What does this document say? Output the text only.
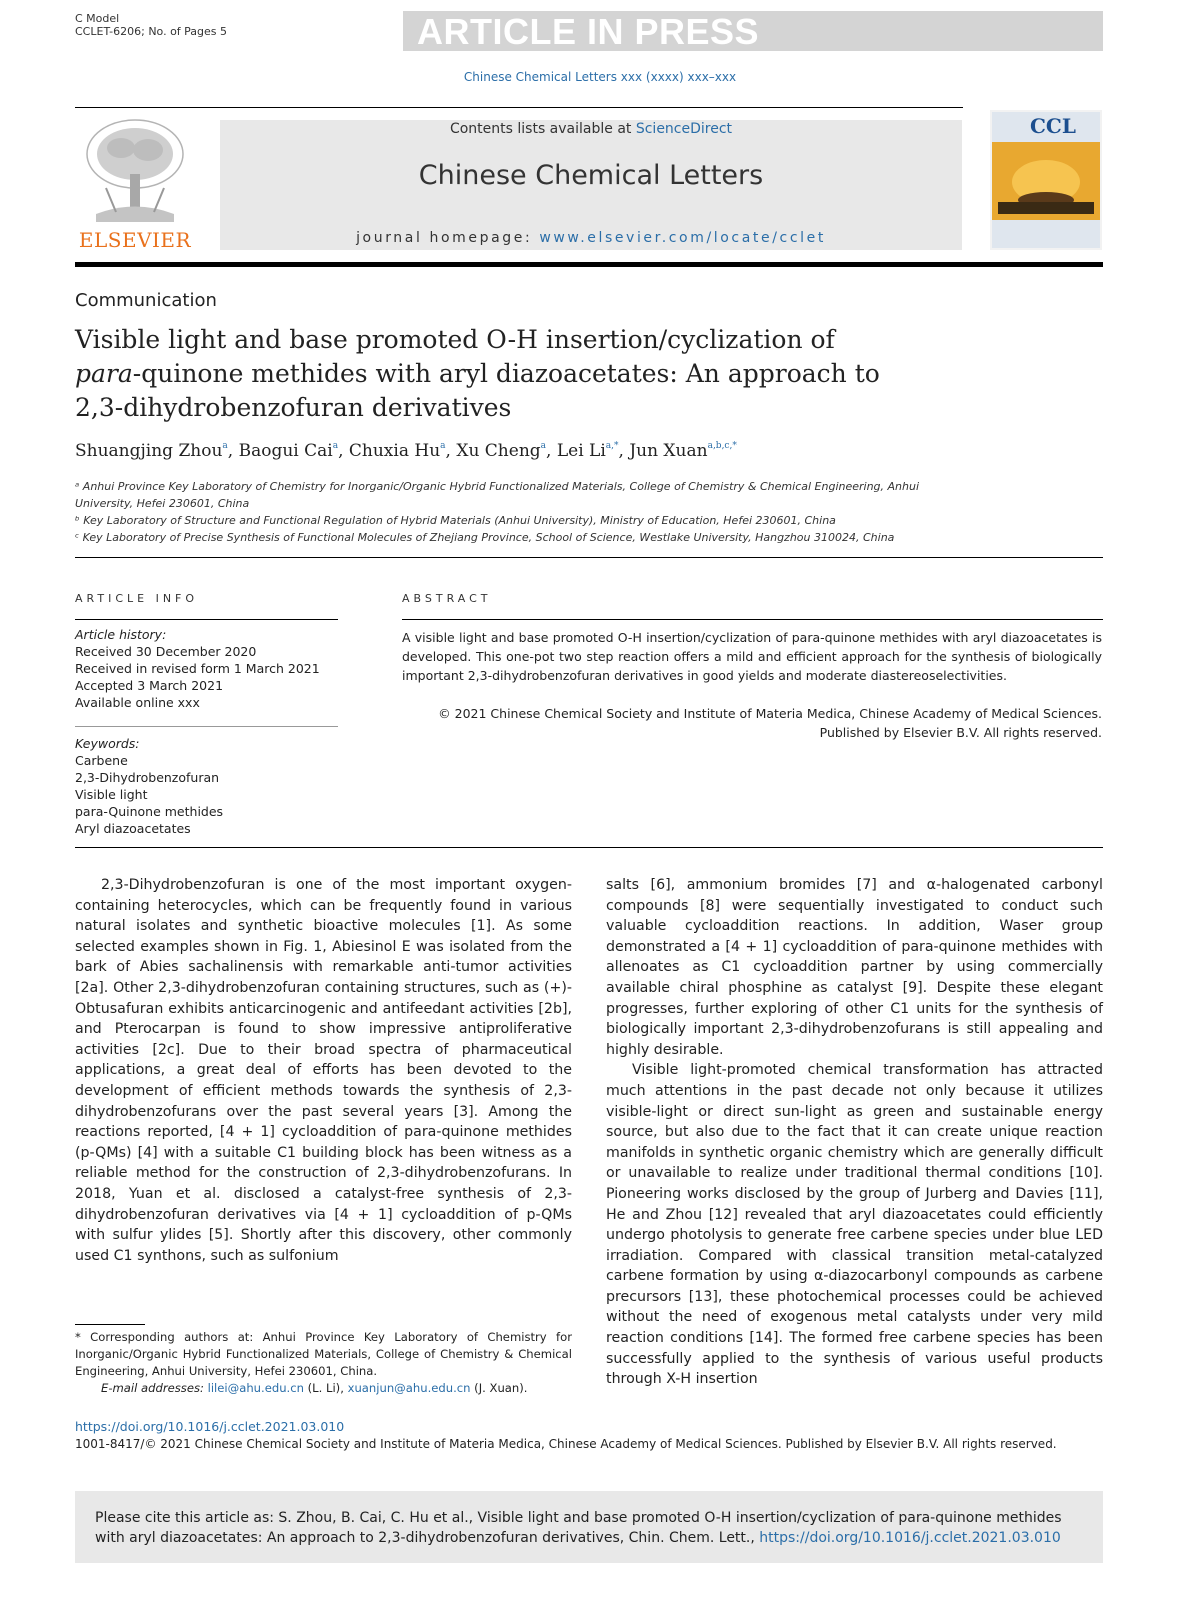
C Model
CCLET-6206; No. of Pages 5	ARTICLE IN PRESS
Chinese Chemical Letters xxx (xxxx) xxx–xxx
ELSEVIER
Contents lists available at ScienceDirect
Chinese Chemical Letters
journal homepage: www.elsevier.com/locate/cclet
CCL
Communication
Visible light and base promoted O-H insertion/cyclization of
para-quinone methides with aryl diazoacetates: An approach to
2,3-dihydrobenzofuran derivatives
Shuangjing Zhou$^a$, Baogui Cai$^a$, Chuxia Hu$^a$, Xu Cheng$^a$, Lei $Li^{a,*}$, Jun Xuan$^{a,b,c,*}$
ᵃ Anhui Province Key Laboratory of Chemistry for Inorganic/Organic Hybrid Functionalized Materials, College of Chemistry & Chemical Engineering, Anhui University, Hefei 230601, China
ᵇ Key Laboratory of Structure and Functional Regulation of Hybrid Materials (Anhui University), Ministry of Education, Hefei 230601, China
ᶜ Key Laboratory of Precise Synthesis of Functional Molecules of Zhejiang Province, School of Science, Westlake University, Hangzhou 310024, China
ARTICLE INFO
Article history:
Received 30 December 2020
Received in revised form 1 March 2021
Accepted 3 March 2021
Available online xxx
Keywords:
Carbene
2,3-Dihydrobenzofuran
Visible light
para-Quinone methides
Aryl diazoacetates
ABSTRACT
A visible light and base promoted O-H insertion/cyclization of para-quinone methides with aryl diazoacetates is developed. This one-pot two step reaction offers a mild and efficient approach for the synthesis of biologically important 2,3-dihydrobenzofuran derivatives in good yields and moderate diastereoselectivities.
© 2021 Chinese Chemical Society and Institute of Materia Medica, Chinese Academy of Medical Sciences.
Published by Elsevier B.V. All rights reserved.

2,3-Dihydrobenzofuran is one of the most important oxygen-containing heterocycles, which can be frequently found in various natural isolates and synthetic bioactive molecules [1]. As some selected examples shown in Fig. 1, Abiesinol E was isolated from the bark of Abies sachalinensis with remarkable anti-tumor activities [2a]. Other 2,3-dihydrobenzofuran containing structures, such as (+)-Obtusafuran exhibits anticarcinogenic and antifeedant activities [2b], and Pterocarpan is found to show impressive antiproliferative activities [2c]. Due to their broad spectra of pharmaceutical applications, a great deal of efforts has been devoted to the development of efficient methods towards the synthesis of 2,3-dihydrobenzofurans over the past several years [3]. Among the reactions reported, [4 + 1] cycloaddition of para-quinone methides (p-QMs) [4] with a suitable C1 building block has been witness as a reliable method for the construction of 2,3-dihydrobenzofurans. In 2018, Yuan et al. disclosed a catalyst-free synthesis of 2,3-dihydrobenzofuran derivatives via [4 + 1] cycloaddition of p-QMs with sulfur ylides [5]. Shortly after this discovery, other commonly used C1 synthons, such as sulfonium

salts [6], ammonium bromides [7] and α-halogenated carbonyl compounds [8] were sequentially investigated to conduct such valuable cycloaddition reactions. In addition, Waser group demonstrated a [4 + 1] cycloaddition of para-quinone methides with allenoates as C1 cycloaddition partner by using commercially available chiral phosphine as catalyst [9]. Despite these elegant progresses, further exploring of other C1 units for the synthesis of biologically important 2,3-dihydrobenzofurans is still appealing and highly desirable.

Visible light-promoted chemical transformation has attracted much attentions in the past decade not only because it utilizes visible-light or direct sun-light as green and sustainable energy source, but also due to the fact that it can create unique reaction manifolds in synthetic organic chemistry which are generally difficult or unavailable to realize under traditional thermal conditions [10]. Pioneering works disclosed by the group of Jurberg and Davies [11], He and Zhou [12] revealed that aryl diazoacetates could efficiently undergo photolysis to generate free carbene species under blue LED irradiation. Compared with classical transition metal-catalyzed carbene formation by using α-diazocarbonyl compounds as carbene precursors [13], these photochemical processes could be achieved without the need of exogenous metal catalysts under very mild reaction conditions [14]. The formed free carbene species has been successfully applied to the synthesis of various useful products through X-H insertion

* Corresponding authors at: Anhui Province Key Laboratory of Chemistry for Inorganic/Organic Hybrid Functionalized Materials, College of Chemistry & Chemical Engineering, Anhui University, Hefei 230601, China.
E-mail addresses: lilei@ahu.edu.cn (L. Li), xuanjun@ahu.edu.cn (J. Xuan).
https://doi.org/10.1016/j.cclet.2021.03.010
1001-8417/© 2021 Chinese Chemical Society and Institute of Materia Medica, Chinese Academy of Medical Sciences. Published by Elsevier B.V. All rights reserved.
Please cite this article as: S. Zhou, B. Cai, C. Hu et al., Visible light and base promoted O-H insertion/cyclization of para-quinone methides with aryl diazoacetates: An approach to 2,3-dihydrobenzofuran derivatives, Chin. Chem. Lett., https://doi.org/10.1016/j.cclet.2021.03.010
